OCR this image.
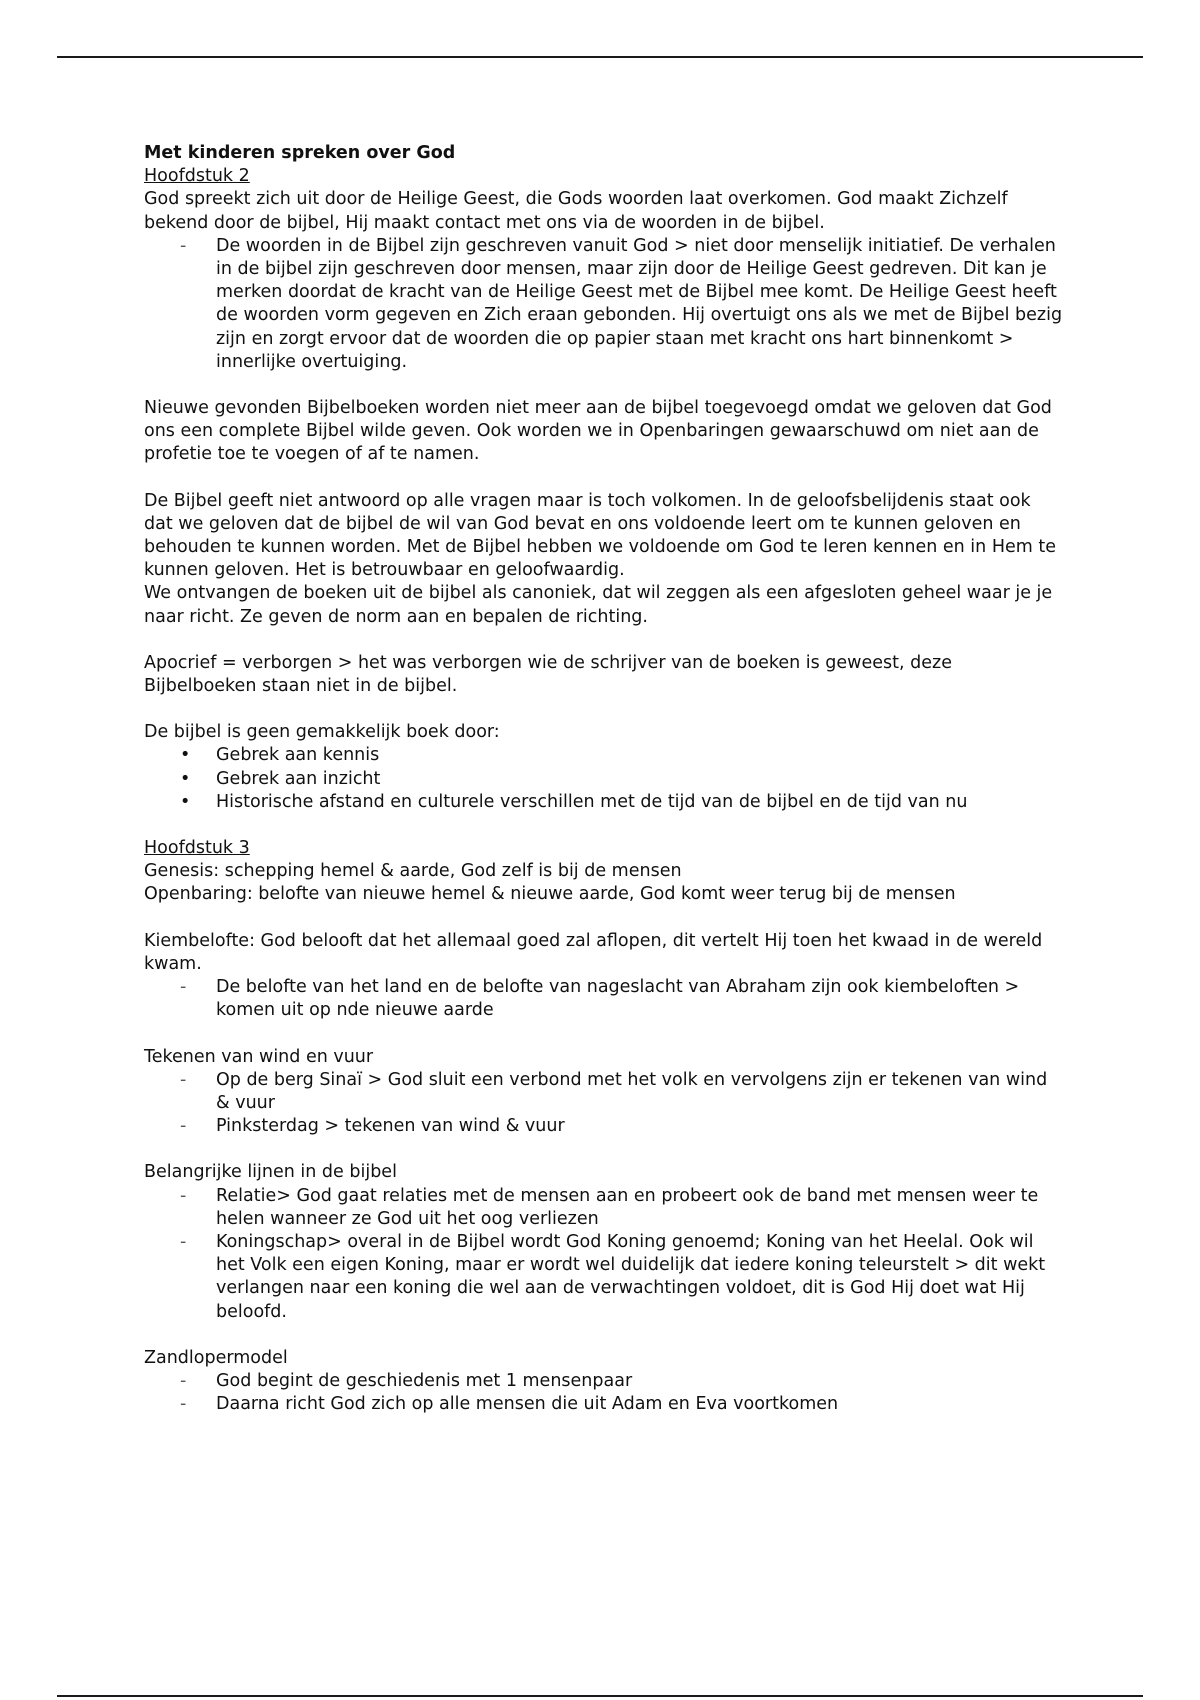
Met kinderen spreken over God

Hoofdstuk 2

God spreekt zich uit door de Heilige Geest, die Gods woorden laat overkomen. God maakt Zichzelf bekend door de bijbel, Hij maakt contact met ons via de woorden in de bijbel.

-	De woorden in de Bijbel zijn geschreven vanuit God > niet door menselijk initiatief. De verhalen in de bijbel zijn geschreven door mensen, maar zijn door de Heilige Geest gedreven. Dit kan je merken doordat de kracht van de Heilige Geest met de Bijbel mee komt. De Heilige Geest heeft de woorden vorm gegeven en Zich eraan gebonden. Hij overtuigt ons als we met de Bijbel bezig zijn en zorgt ervoor dat de woorden die op papier staan met kracht ons hart binnenkomt > innerlijke overtuiging.

Nieuwe gevonden Bijbelboeken worden niet meer aan de bijbel toegevoegd omdat we geloven dat God ons een complete Bijbel wilde geven. Ook worden we in Openbaringen gewaarschuwd om niet aan de profetie toe te voegen of af te namen.

De Bijbel geeft niet antwoord op alle vragen maar is toch volkomen. In de geloofsbelijdenis staat ook dat we geloven dat de bijbel de wil van God bevat en ons voldoende leert om te kunnen geloven en behouden te kunnen worden. Met de Bijbel hebben we voldoende om God te leren kennen en in Hem te kunnen geloven. Het is betrouwbaar en geloofwaardig.

We ontvangen de boeken uit de bijbel als canoniek, dat wil zeggen als een afgesloten geheel waar je je naar richt. Ze geven de norm aan en bepalen de richting.

Apocrief = verborgen > het was verborgen wie de schrijver van de boeken is geweest, deze Bijbelboeken staan niet in de bijbel.

De bijbel is geen gemakkelijk boek door:

•	Gebrek aan kennis
•	Gebrek aan inzicht
•	Historische afstand en culturele verschillen met de tijd van de bijbel en de tijd van nu

Hoofdstuk 3

Genesis: schepping hemel & aarde, God zelf is bij de mensen

Openbaring: belofte van nieuwe hemel & nieuwe aarde, God komt weer terug bij de mensen

Kiembelofte: God belooft dat het allemaal goed zal aflopen, dit vertelt Hij toen het kwaad in de wereld kwam.

-	De belofte van het land en de belofte van nageslacht van Abraham zijn ook kiembeloften > komen uit op nde nieuwe aarde

Tekenen van wind en vuur

-	Op de berg Sinaï > God sluit een verbond met het volk en vervolgens zijn er tekenen van wind & vuur
-	Pinksterdag > tekenen van wind & vuur

Belangrijke lijnen in de bijbel

-	Relatie> God gaat relaties met de mensen aan en probeert ook de band met mensen weer te helen wanneer ze God uit het oog verliezen
-	Koningschap> overal in de Bijbel wordt God Koning genoemd; Koning van het Heelal. Ook wil het Volk een eigen Koning, maar er wordt wel duidelijk dat iedere koning teleurstelt > dit wekt verlangen naar een koning die wel aan de verwachtingen voldoet, dit is God Hij doet wat Hij beloofd.

Zandlopermodel

-	God begint de geschiedenis met 1 mensenpaar
-	Daarna richt God zich op alle mensen die uit Adam en Eva voortkomen
